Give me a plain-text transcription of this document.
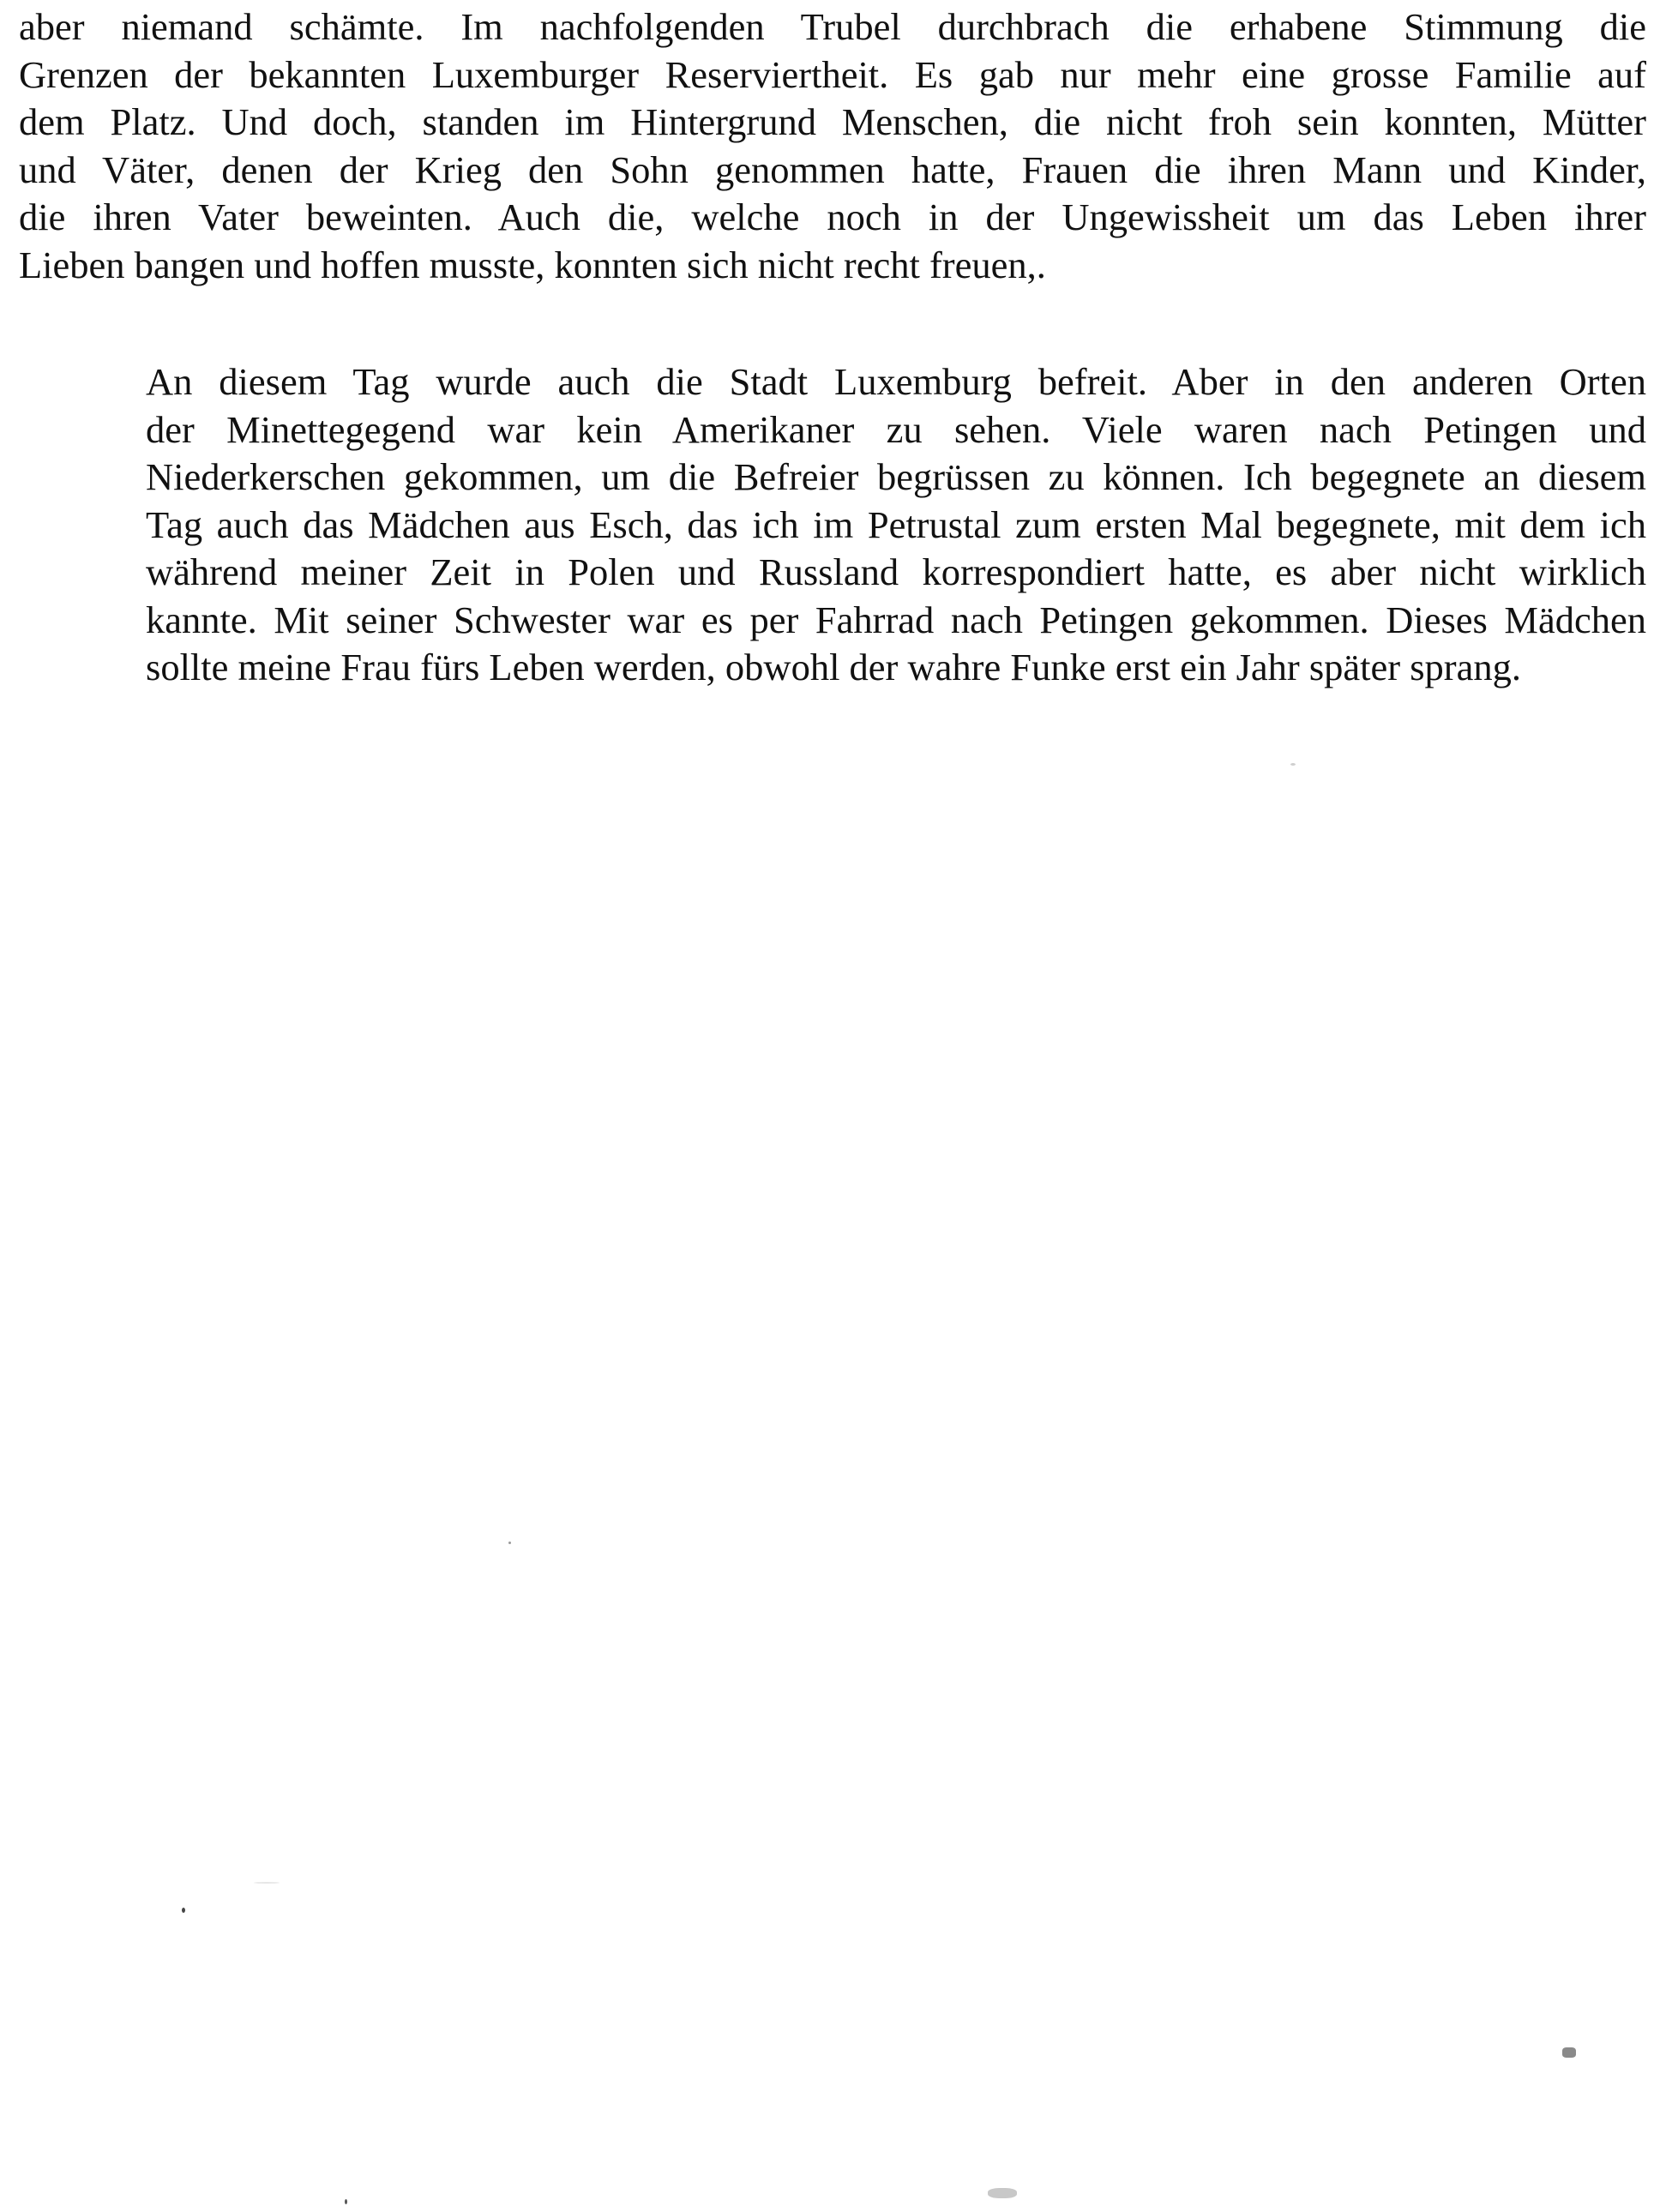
aber niemand schämte. Im nachfolgenden Trubel durchbrach die erhabene Stimmung die
Grenzen der bekannten Luxemburger Reserviertheit. Es gab nur mehr eine grosse Familie auf
dem Platz. Und doch, standen im Hintergrund Menschen, die nicht froh sein konnten, Mütter
und Väter, denen der Krieg den Sohn genommen hatte, Frauen die ihren Mann und Kinder,
die ihren Vater beweinten. Auch die, welche noch in der Ungewissheit um das Leben ihrer
Lieben bangen und hoffen musste, konnten sich nicht recht freuen,.

An diesem Tag wurde auch die Stadt Luxemburg befreit. Aber in den anderen Orten
der Minettegegend war kein Amerikaner zu sehen. Viele waren nach Petingen und
Niederkerschen gekommen, um die Befreier begrüssen zu können. Ich begegnete an diesem
Tag auch das Mädchen aus Esch, das ich im Petrustal zum ersten Mal begegnete, mit dem ich
während meiner Zeit in Polen und Russland korrespondiert hatte, es aber nicht wirklich
kannte. Mit seiner Schwester war es per Fahrrad nach Petingen gekommen. Dieses Mädchen
sollte meine Frau fürs Leben werden, obwohl der wahre Funke erst ein Jahr später sprang.
